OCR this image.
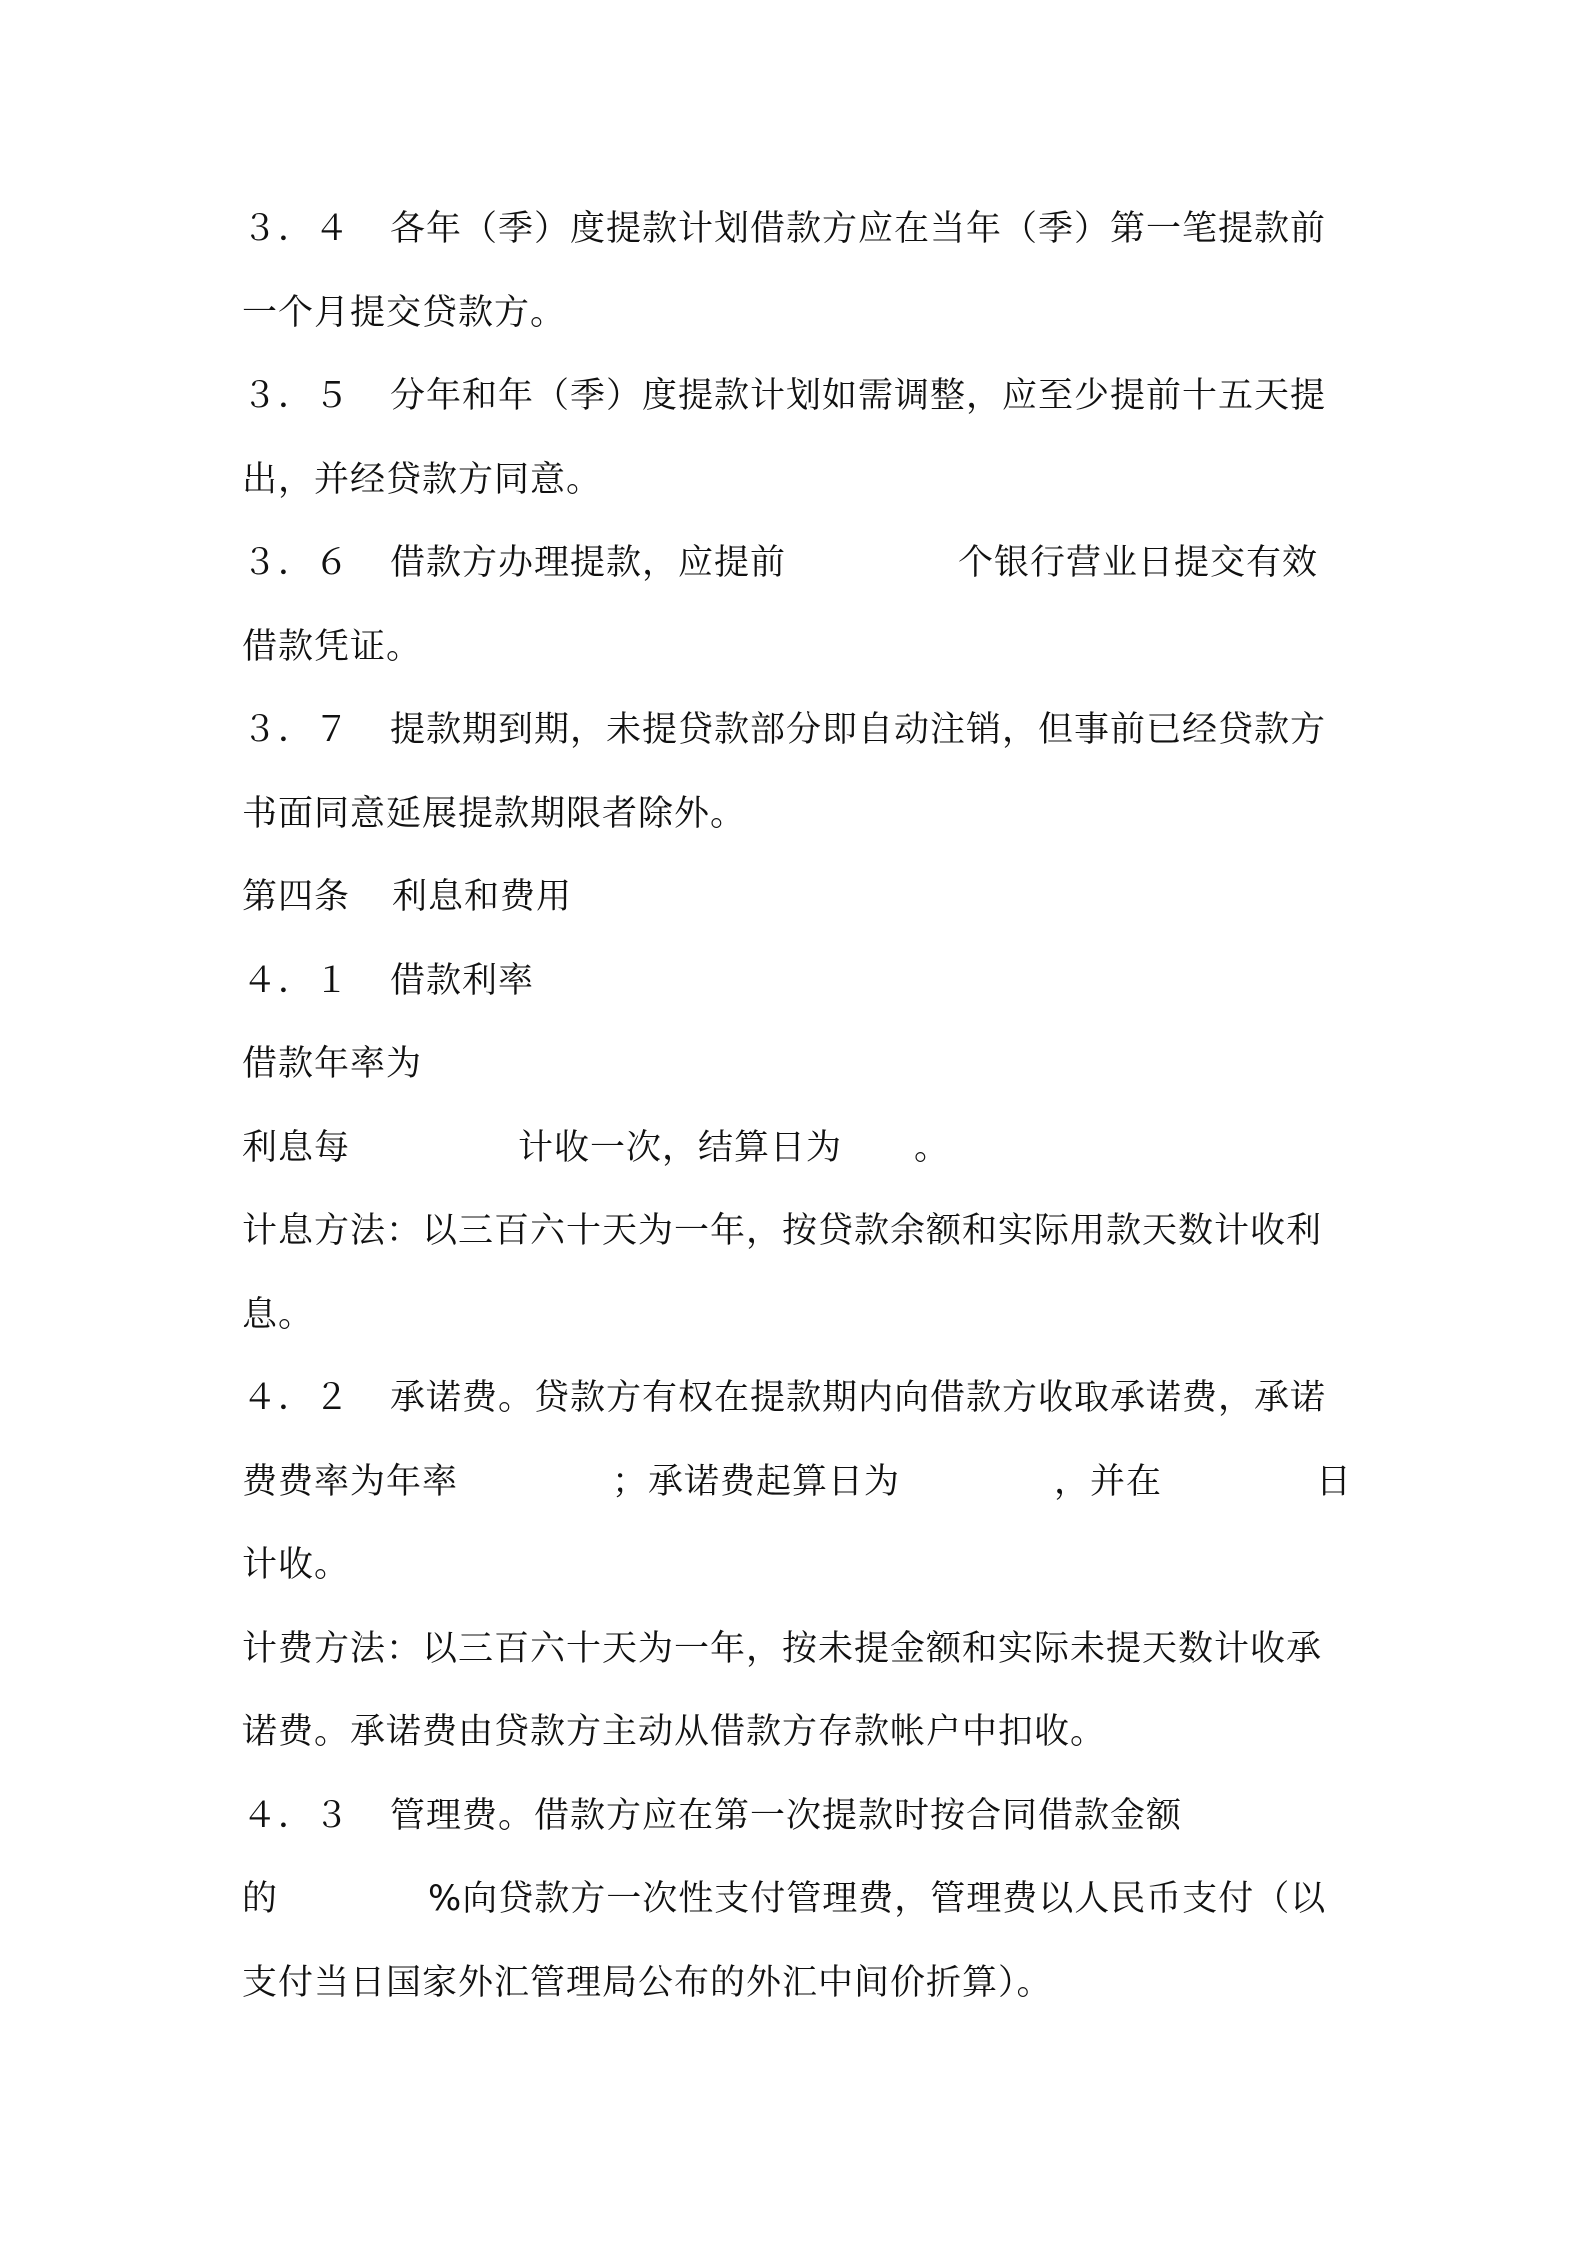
３．４ 各年（季）度提款计划借款方应在当年（季）第一笔提款前
一个月提交贷款方。
３．５ 分年和年（季）度提款计划如需调整，应至少提前十五天提
出，并经贷款方同意。
３．６ 借款方办理提款，应提前	个银行营业日提交有效
借款凭证。
３．７ 提款期到期，未提贷款部分即自动注销，但事前已经贷款方
书面同意延展提款期限者除外。
第四条 利息和费用
４．１ 借款利率
借款年率为
利息每	计收一次，结算日为 。
计息方法：以三百六十天为一年，按贷款余额和实际用款天数计收利
息。
４．２ 承诺费。贷款方有权在提款期内向借款方收取承诺费，承诺
费费率为年率	；承诺费起算日为	，并在	日
计收。
计费方法：以三百六十天为一年，按未提金额和实际未提天数计收承
诺费。承诺费由贷款方主动从借款方存款帐户中扣收。
４．３ 管理费。借款方应在第一次提款时按合同借款金额
的	%向贷款方一次性支付管理费，管理费以人民币支付（以
支付当日国家外汇管理局公布的外汇中间价折算）。
